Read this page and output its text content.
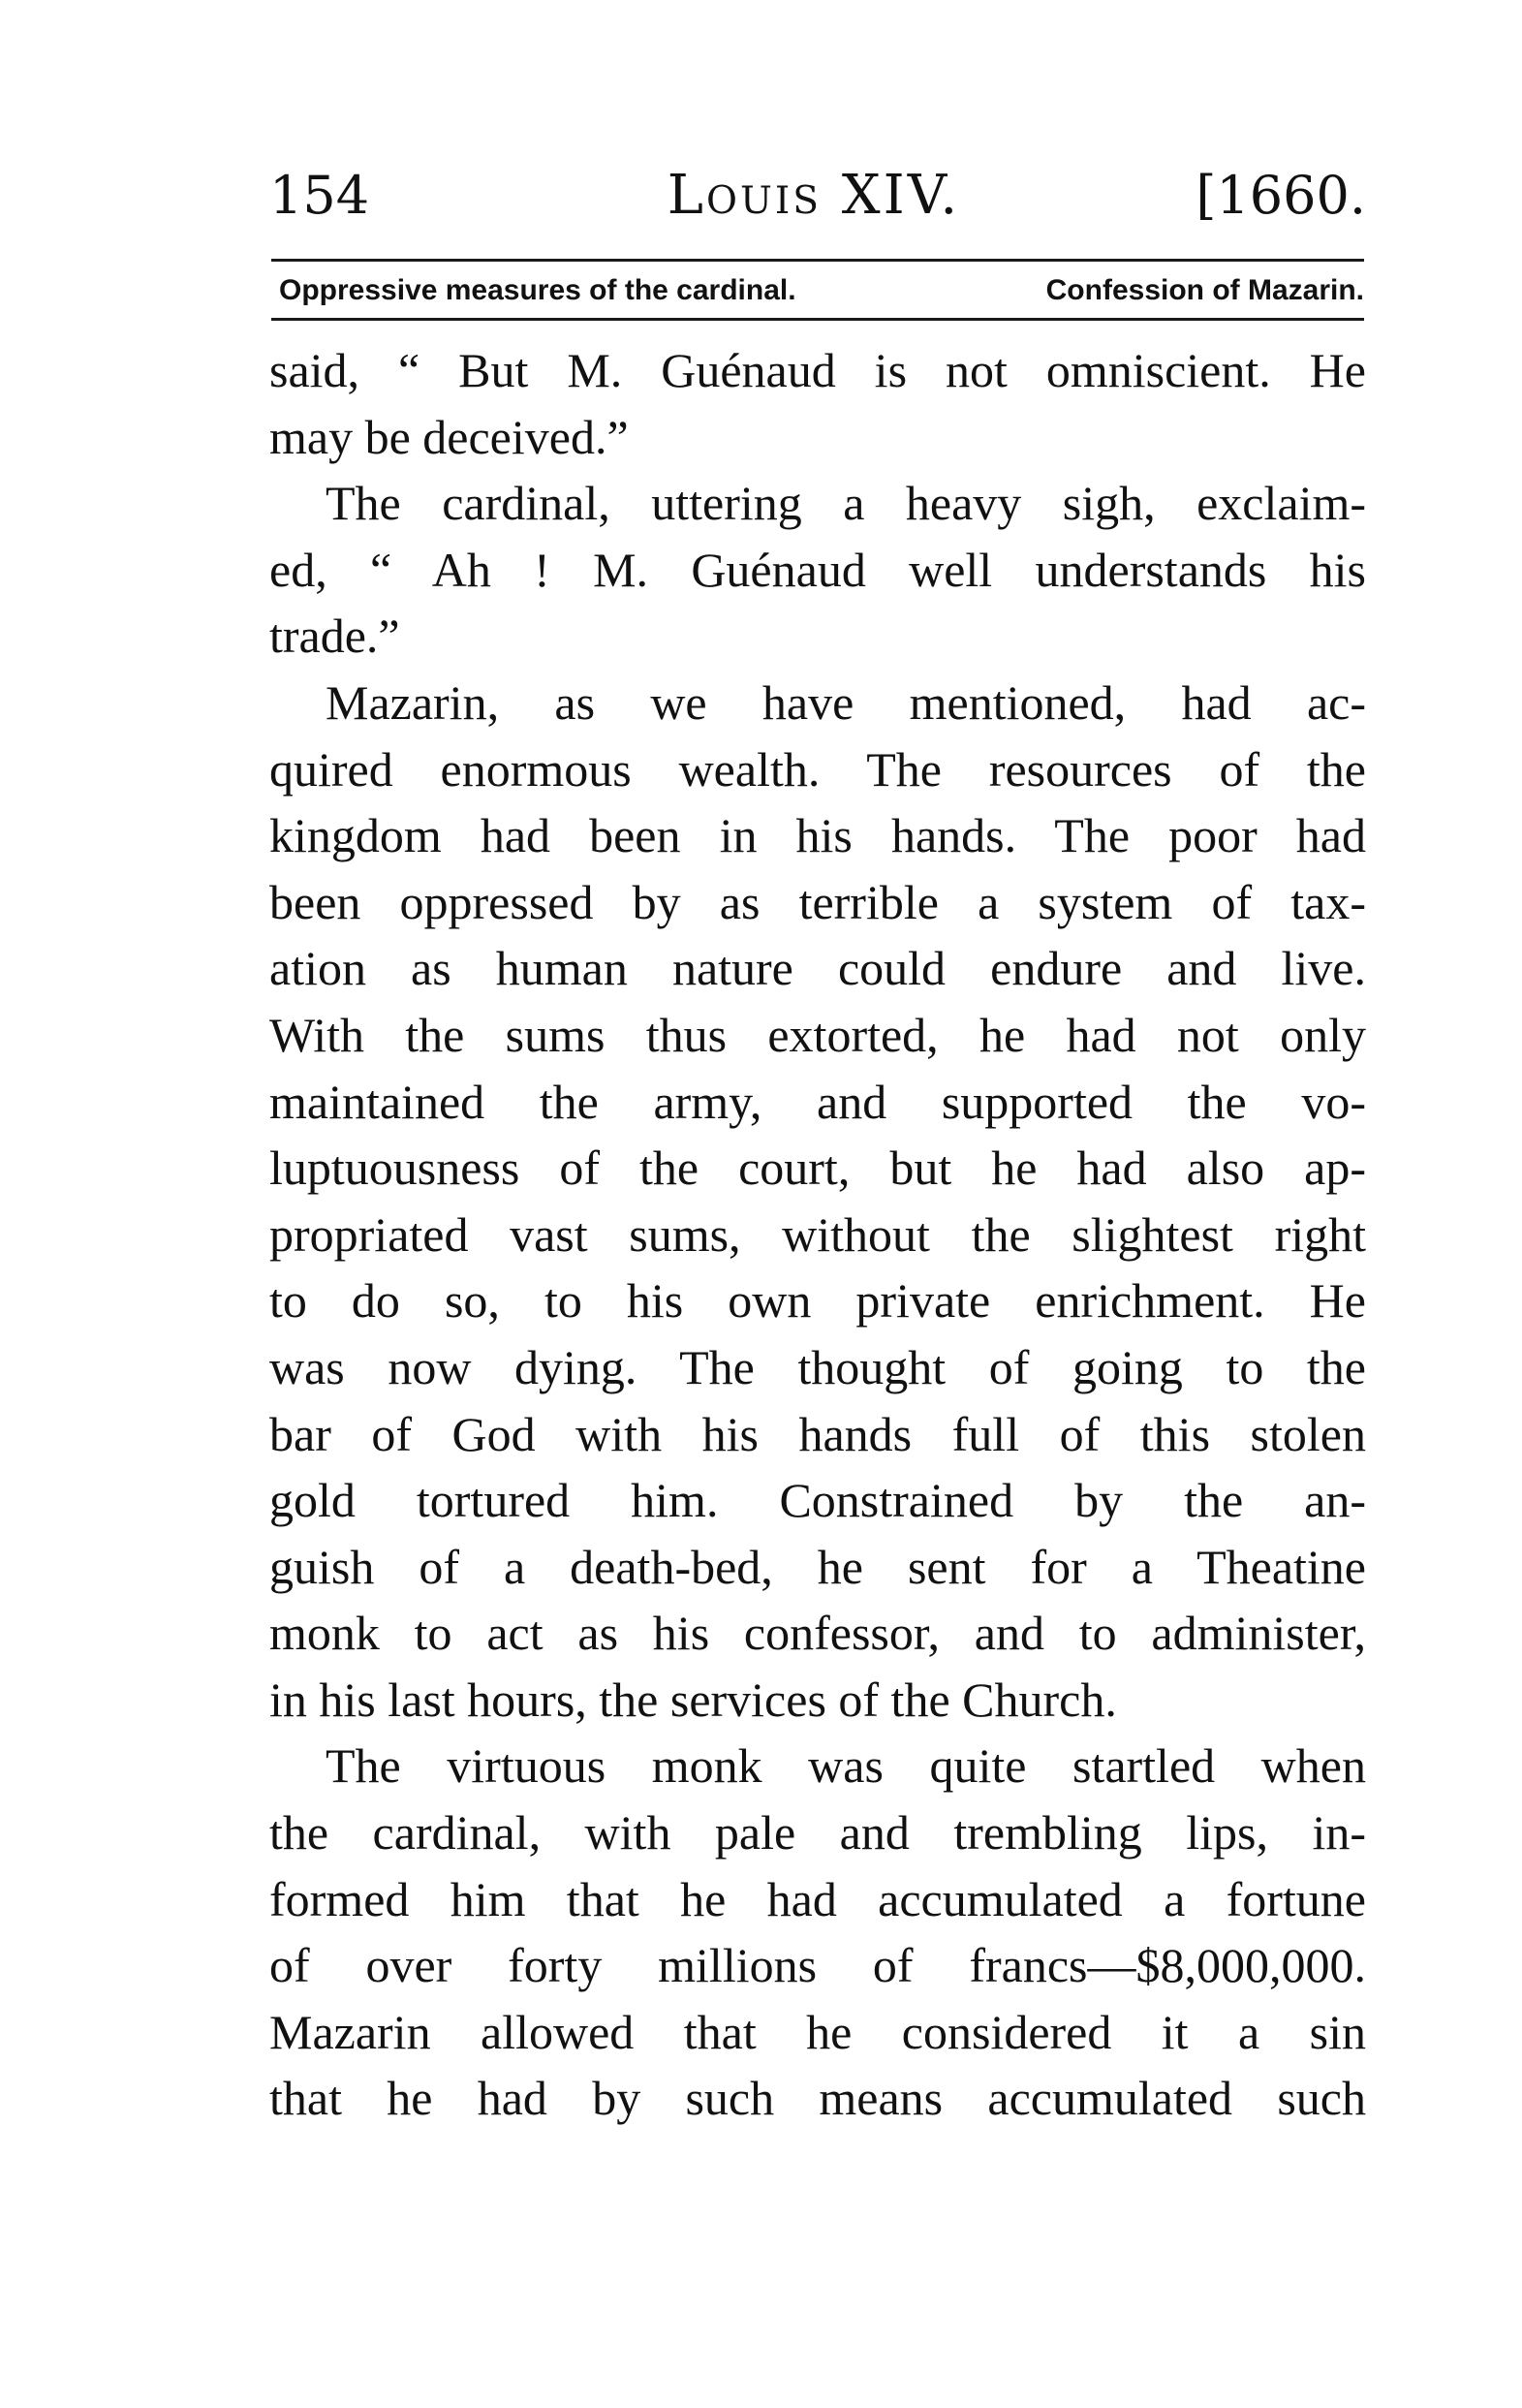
154	Louis XIV.	[1660.
Oppressive measures of the cardinal.	Confession of Mazarin.
said, “ But M. Guénaud is not omniscient. He
may be deceived.”
The cardinal, uttering a heavy sigh, exclaim-
ed, “ Ah ! M. Guénaud well understands his
trade.”
Mazarin, as we have mentioned, had ac-
quired enormous wealth. The resources of the
kingdom had been in his hands. The poor had
been oppressed by as terrible a system of tax-
ation as human nature could endure and live.
With the sums thus extorted, he had not only
maintained the army, and supported the vo-
luptuousness of the court, but he had also ap-
propriated vast sums, without the slightest right
to do so, to his own private enrichment. He
was now dying. The thought of going to the
bar of God with his hands full of this stolen
gold tortured him. Constrained by the an-
guish of a death-bed, he sent for a Theatine
monk to act as his confessor, and to administer,
in his last hours, the services of the Church.
The virtuous monk was quite startled when
the cardinal, with pale and trembling lips, in-
formed him that he had accumulated a fortune
of over forty millions of francs—$8,000,000.
Mazarin allowed that he considered it a sin
that he had by such means accumulated such
